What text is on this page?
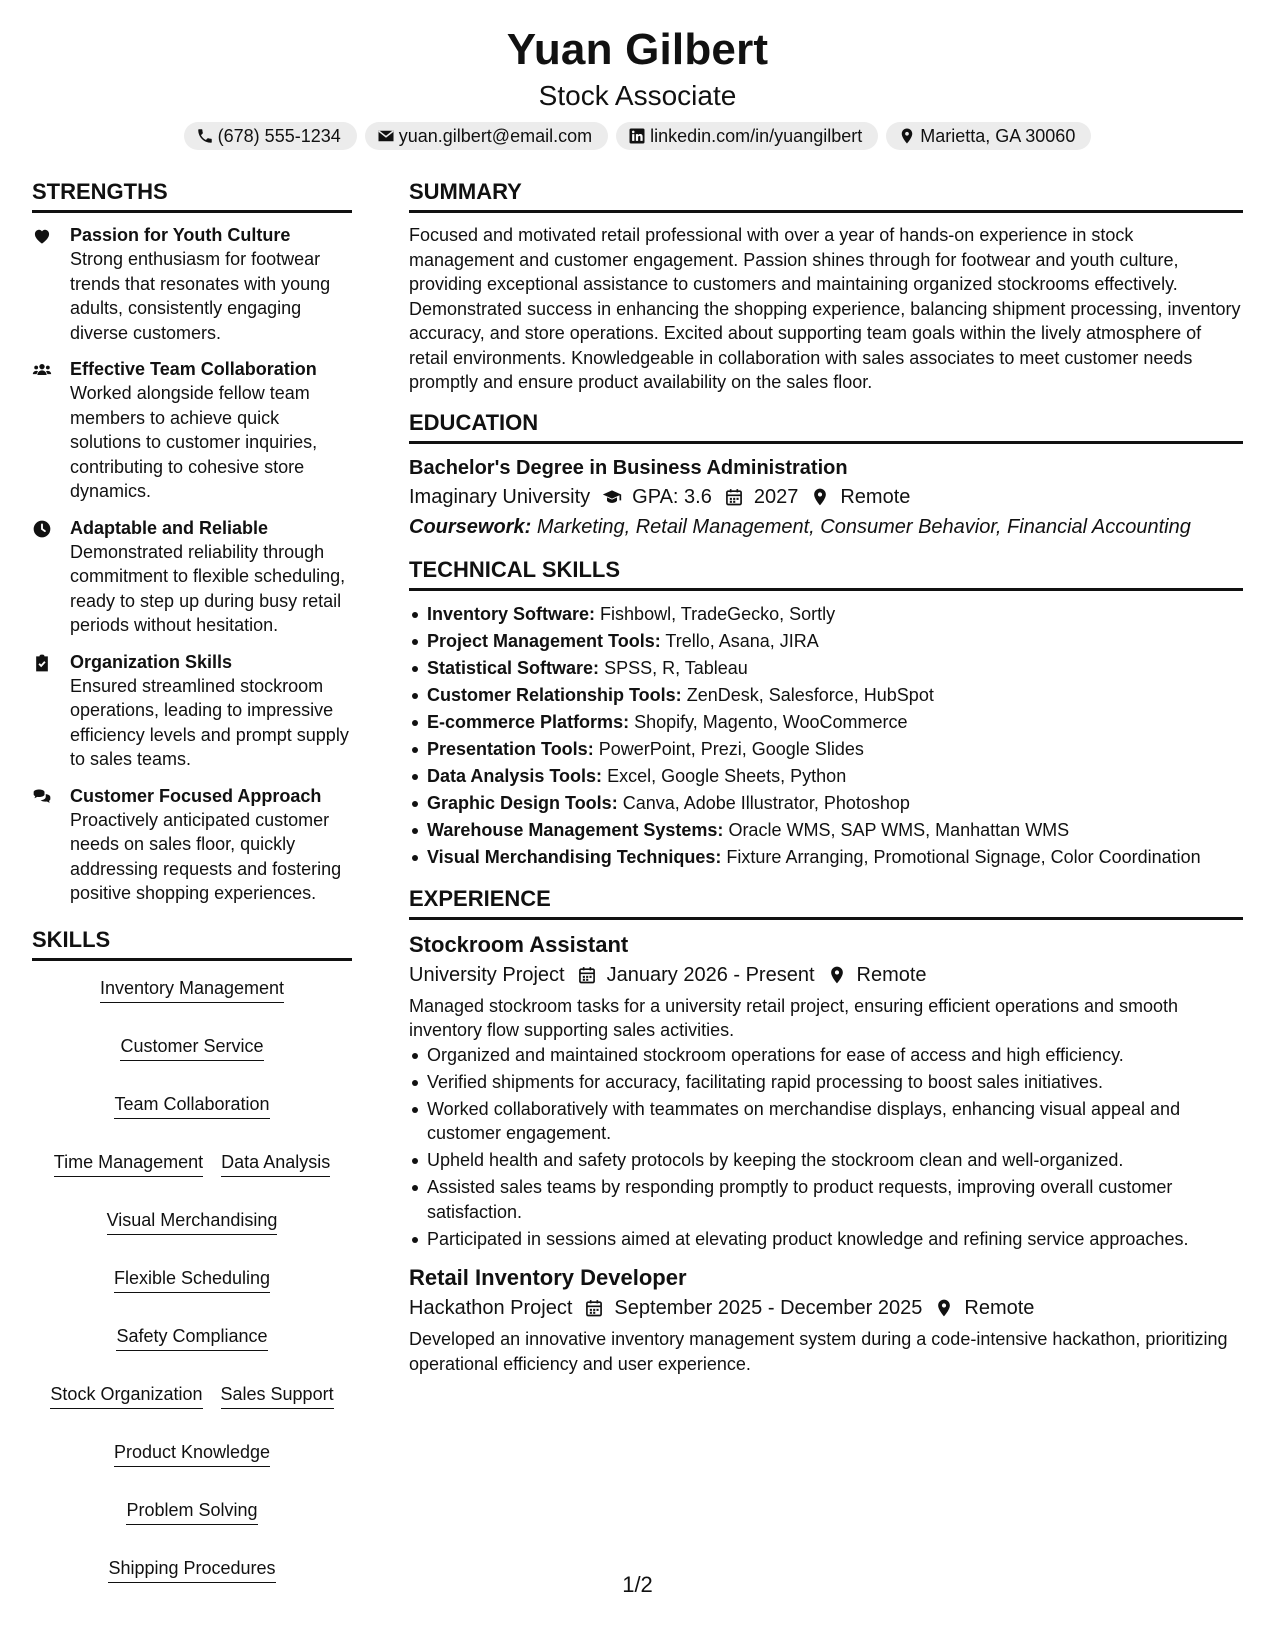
Yuan Gilbert
Stock Associate
(678) 555-1234	yuan.gilbert@email.com	linkedin.com/in/yuangilbert	Marietta, GA 30060
STRENGTHS
Passion for Youth Culture
Strong enthusiasm for footwear trends that resonates with young adults, consistently engaging diverse customers.
Effective Team Collaboration
Worked alongside fellow team members to achieve quick solutions to customer inquiries, contributing to cohesive store dynamics.
Adaptable and Reliable
Demonstrated reliability through commitment to flexible scheduling, ready to step up during busy retail periods without hesitation.
Organization Skills
Ensured streamlined stockroom operations, leading to impressive efficiency levels and prompt supply to sales teams.
Customer Focused Approach
Proactively anticipated customer needs on sales floor, quickly addressing requests and fostering positive shopping experiences.
SKILLS
Inventory Management
Customer Service
Team Collaboration
Time Management Data Analysis
Visual Merchandising
Flexible Scheduling
Safety Compliance
Stock Organization Sales Support
Product Knowledge
Problem Solving
Shipping Procedures
SUMMARY
Focused and motivated retail professional with over a year of hands-on experience in stock management and customer engagement. Passion shines through for footwear and youth culture, providing exceptional assistance to customers and maintaining organized stockrooms effectively. Demonstrated success in enhancing the shopping experience, balancing shipment processing, inventory accuracy, and store operations. Excited about supporting team goals within the lively atmosphere of retail environments. Knowledgeable in collaboration with sales associates to meet customer needs promptly and ensure product availability on the sales floor.
EDUCATION
Bachelor's Degree in Business Administration
Imaginary University GPA: 3.6 2027 Remote
Coursework: Marketing, Retail Management, Consumer Behavior, Financial Accounting
TECHNICAL SKILLS
Inventory Software: Fishbowl, TradeGecko, Sortly
Project Management Tools: Trello, Asana, JIRA
Statistical Software: SPSS, R, Tableau
Customer Relationship Tools: ZenDesk, Salesforce, HubSpot
E-commerce Platforms: Shopify, Magento, WooCommerce
Presentation Tools: PowerPoint, Prezi, Google Slides
Data Analysis Tools: Excel, Google Sheets, Python
Graphic Design Tools: Canva, Adobe Illustrator, Photoshop
Warehouse Management Systems: Oracle WMS, SAP WMS, Manhattan WMS
Visual Merchandising Techniques: Fixture Arranging, Promotional Signage, Color Coordination
EXPERIENCE
Stockroom Assistant
University Project January 2026 - Present Remote
Managed stockroom tasks for a university retail project, ensuring efficient operations and smooth inventory flow supporting sales activities.
Organized and maintained stockroom operations for ease of access and high efficiency.
Verified shipments for accuracy, facilitating rapid processing to boost sales initiatives.
Worked collaboratively with teammates on merchandise displays, enhancing visual appeal and customer engagement.
Upheld health and safety protocols by keeping the stockroom clean and well-organized.
Assisted sales teams by responding promptly to product requests, improving overall customer satisfaction.
Participated in sessions aimed at elevating product knowledge and refining service approaches.
Retail Inventory Developer
Hackathon Project September 2025 - December 2025 Remote
Developed an innovative inventory management system during a code-intensive hackathon, prioritizing operational efficiency and user experience.
1/2
